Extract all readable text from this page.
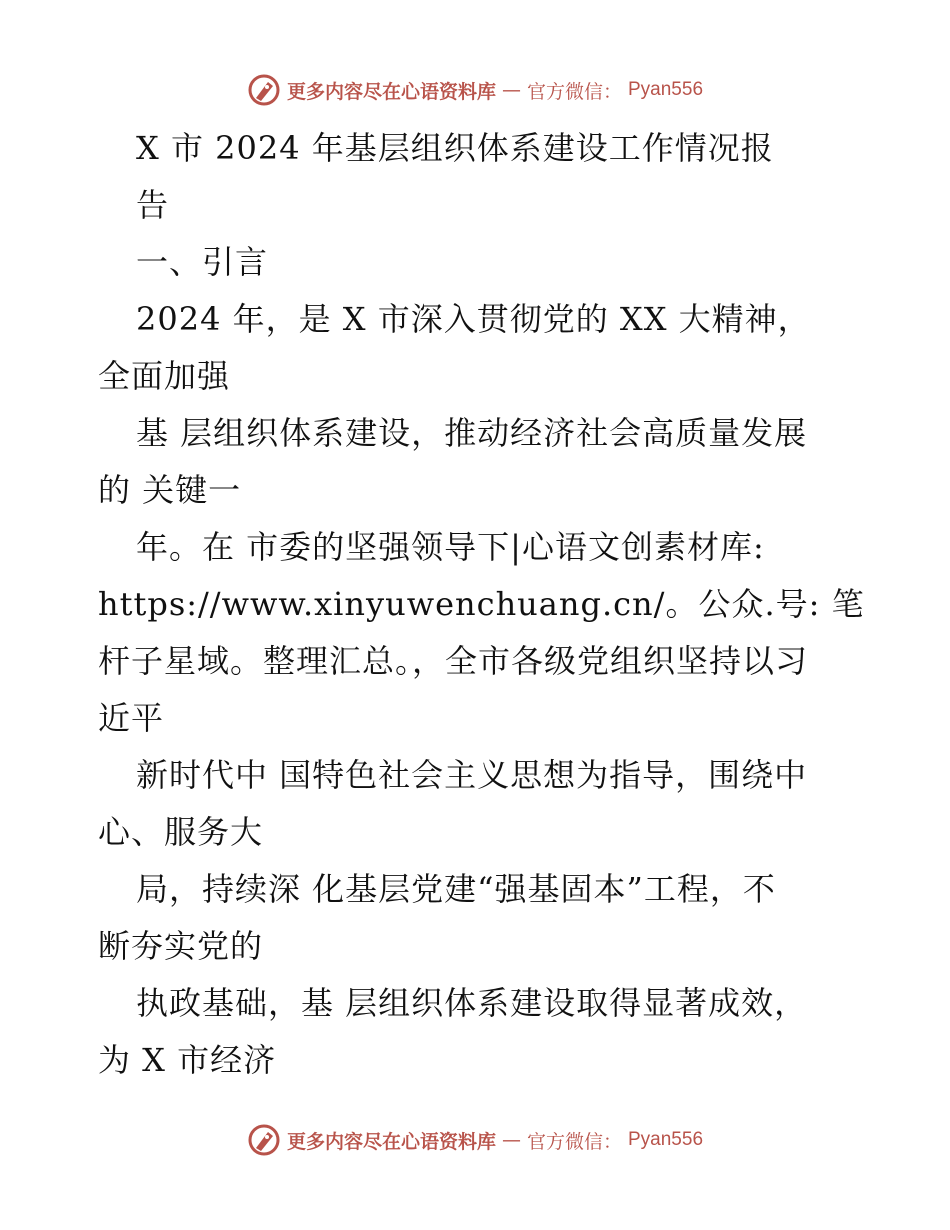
更多内容尽在心语资料库 — 官方微信： Pyan556
X 市 2024 年基层组织体系建设工作情况报
告
一、引言
2024 年，是 X 市深入贯彻党的 XX 大精神，
全面加强
基 层组织体系建设，推动经济社会高质量发展
的 关键一
年。在 市委的坚强领导下|心语文创素材库:
https://www.xinyuwenchuang.cn/。公众.号: 笔
杆子星域。整理汇总。，全市各级党组织坚持以习
近平
新时代中 国特色社会主义思想为指导，围绕中
心、服务大
局，持续深 化基层党建“强基固本”工程，不
断夯实党的
执政基础，基 层组织体系建设取得显著成效，
为 X 市经济
更多内容尽在心语资料库 — 官方微信： Pyan556
